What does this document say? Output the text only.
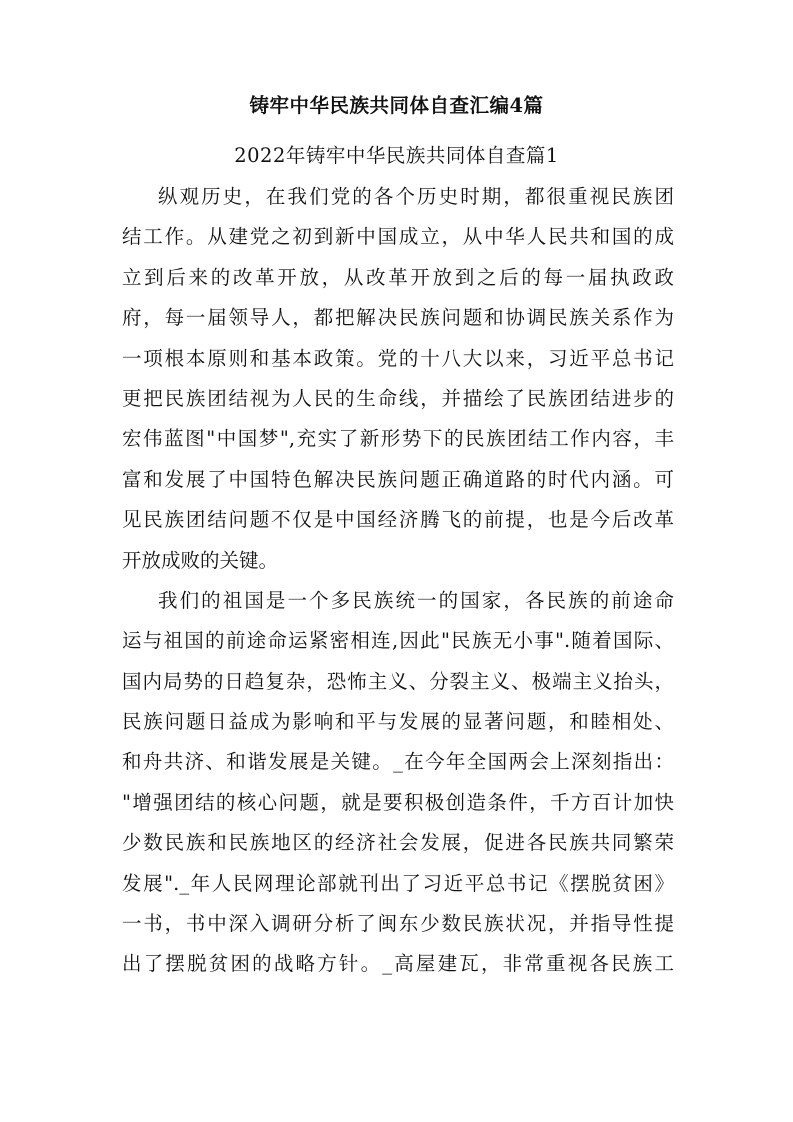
铸牢中华民族共同体自查汇编4篇
2022年铸牢中华民族共同体自查篇1
纵观历史，在我们党的各个历史时期，都很重视民族团
结工作。从建党之初到新中国成立，从中华人民共和国的成
立到后来的改革开放，从改革开放到之后的每一届执政政
府，每一届领导人，都把解决民族问题和协调民族关系作为
一项根本原则和基本政策。党的十八大以来，习近平总书记
更把民族团结视为人民的生命线，并描绘了民族团结进步的
宏伟蓝图"中国梦",充实了新形势下的民族团结工作内容，丰
富和发展了中国特色解决民族问题正确道路的时代内涵。可
见民族团结问题不仅是中国经济腾飞的前提，也是今后改革
开放成败的关键。
我们的祖国是一个多民族统一的国家，各民族的前途命
运与祖国的前途命运紧密相连,因此"民族无小事".随着国际、
国内局势的日趋复杂，恐怖主义、分裂主义、极端主义抬头，
民族问题日益成为影响和平与发展的显著问题，和睦相处、
和舟共济、和谐发展是关键。_在今年全国两会上深刻指出：
"增强团结的核心问题，就是要积极创造条件，千方百计加快
少数民族和民族地区的经济社会发展，促进各民族共同繁荣
发展"._年人民网理论部就刊出了习近平总书记《摆脱贫困》
一书，书中深入调研分析了闽东少数民族状况，并指导性提
出了摆脱贫困的战略方针。_高屋建瓦，非常重视各民族工
